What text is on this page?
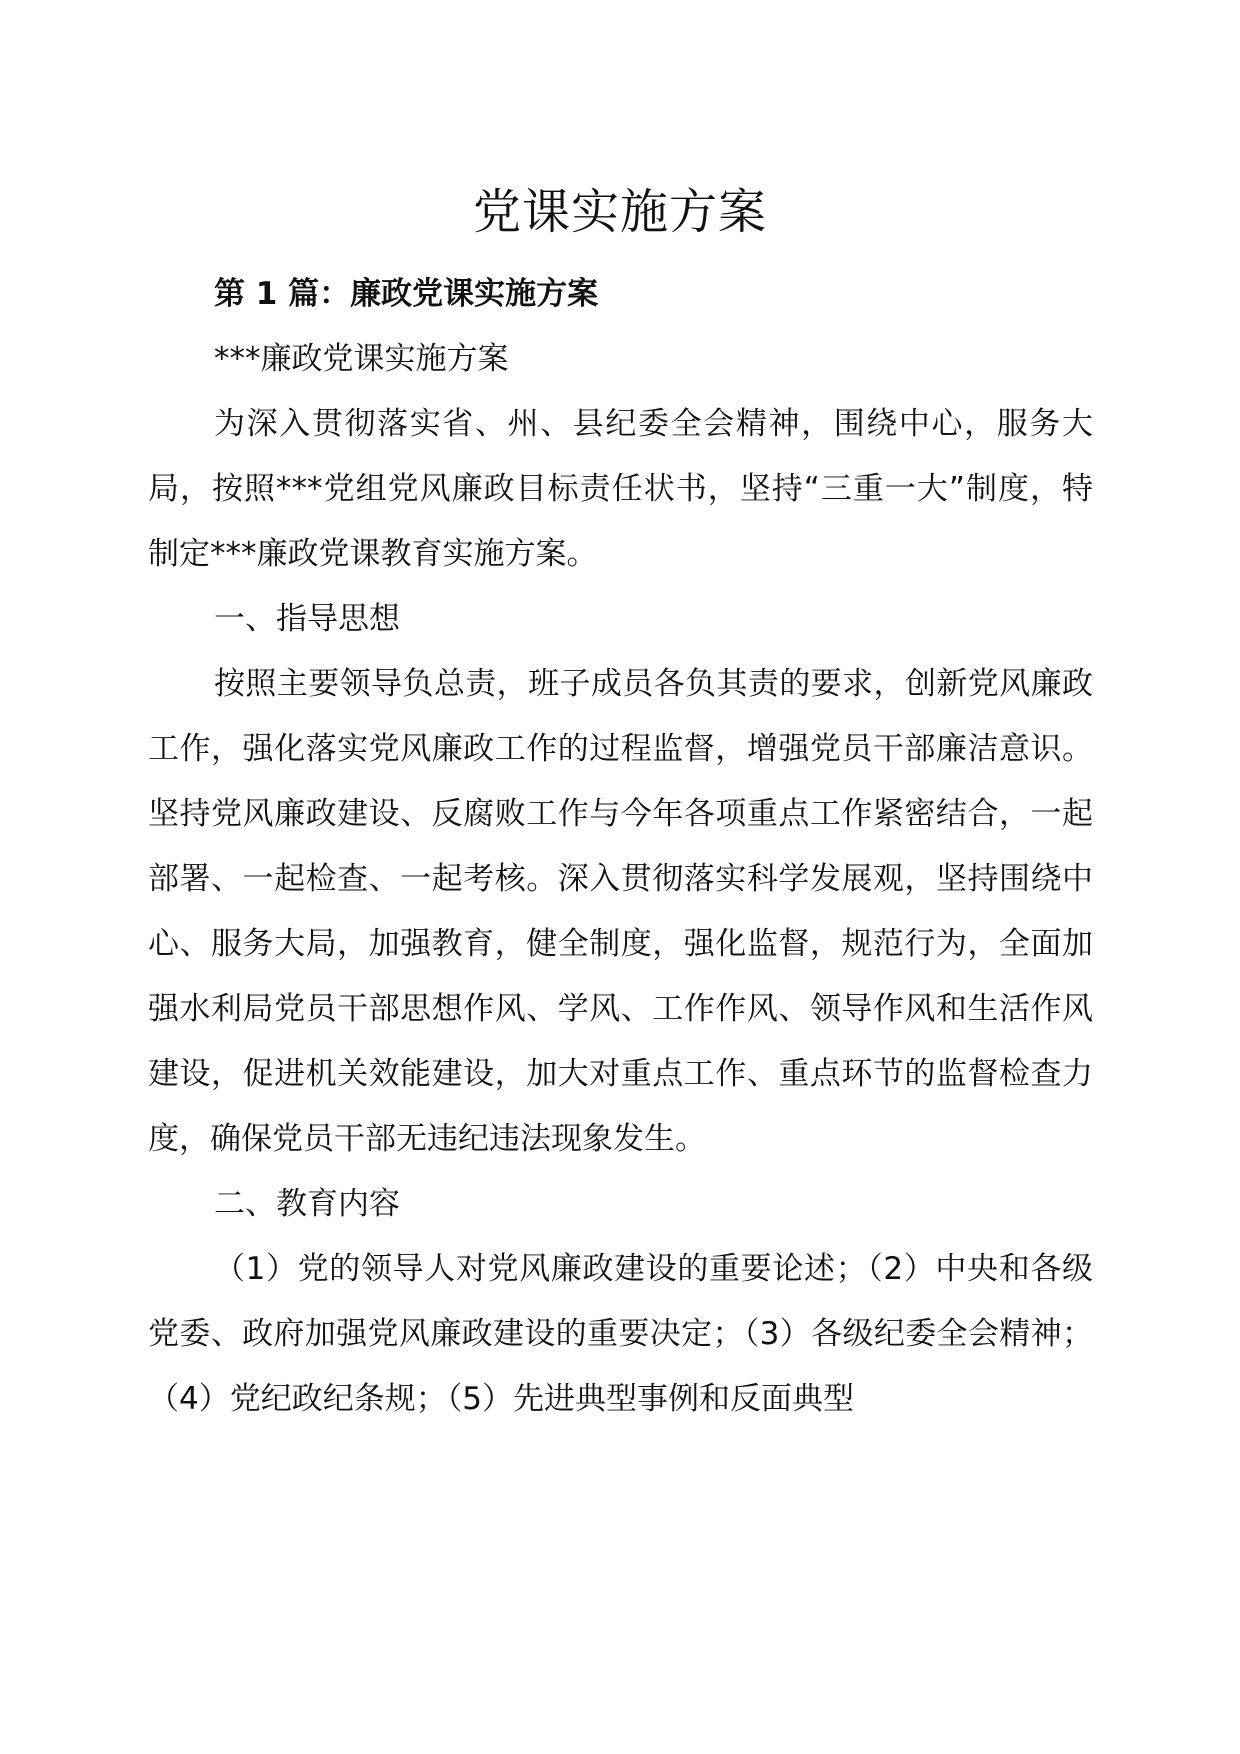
党课实施方案

第 1 篇：廉政党课实施方案

***廉政党课实施方案

为深入贯彻落实省、州、县纪委全会精神，围绕中心，服务大局，按照***党组党风廉政目标责任状书，坚持“三重一大”制度，特制定***廉政党课教育实施方案。

一、指导思想

按照主要领导负总责，班子成员各负其责的要求，创新党风廉政工作，强化落实党风廉政工作的过程监督，增强党员干部廉洁意识。坚持党风廉政建设、反腐败工作与今年各项重点工作紧密结合，一起部署、一起检查、一起考核。深入贯彻落实科学发展观，坚持围绕中心、服务大局，加强教育，健全制度，强化监督，规范行为，全面加强水利局党员干部思想作风、学风、工作作风、领导作风和生活作风建设，促进机关效能建设，加大对重点工作、重点环节的监督检查力度，确保党员干部无违纪违法现象发生。

二、教育内容

（1）党的领导人对党风廉政建设的重要论述；（2）中央和各级党委、政府加强党风廉政建设的重要决定；（3）各级纪委全会精神；（4）党纪政纪条规；（5）先进典型事例和反面典型
